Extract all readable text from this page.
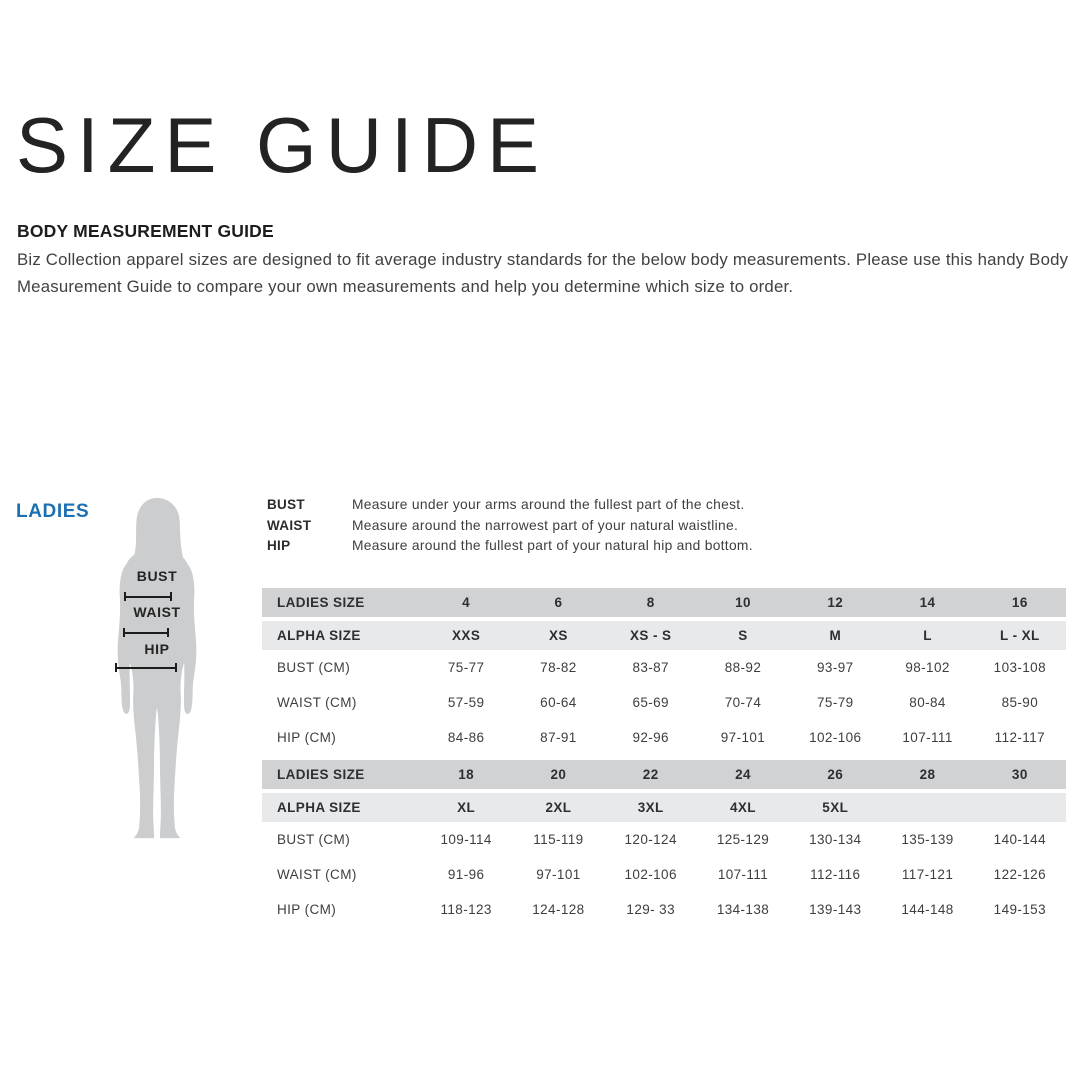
SIZE GUIDE
BODY MEASUREMENT GUIDE

Biz Collection apparel sizes are designed to fit average industry standards for the below body measurements. Please use this handy Body Measurement Guide to compare your own measurements and help you determine which size to order.

LADIES
BUST
WAIST
HIP
BUST	Measure under your arms around the fullest part of the chest.
WAIST	Measure around the narrowest part of your natural waistline.
HIP	Measure around the fullest part of your natural hip and bottom.
LADIES SIZE	4	6	8	10	12	14	16
ALPHA SIZE	XXS	XS	XS - S	S	M	L	L - XL
BUST (CM)	75-77	78-82	83-87	88-92	93-97	98-102	103-108
WAIST (CM)	57-59	60-64	65-69	70-74	75-79	80-84	85-90
HIP (CM)	84-86	87-91	92-96	97-101	102-106	107-111	112-117
LADIES SIZE	18	20	22	24	26	28	30
ALPHA SIZE	XL	2XL	3XL	4XL	5XL
BUST (CM)	109-114	115-119	120-124	125-129	130-134	135-139	140-144
WAIST (CM)	91-96	97-101	102-106	107-111	112-116	117-121	122-126
HIP (CM)	118-123	124-128	129- 33	134-138	139-143	144-148	149-153
